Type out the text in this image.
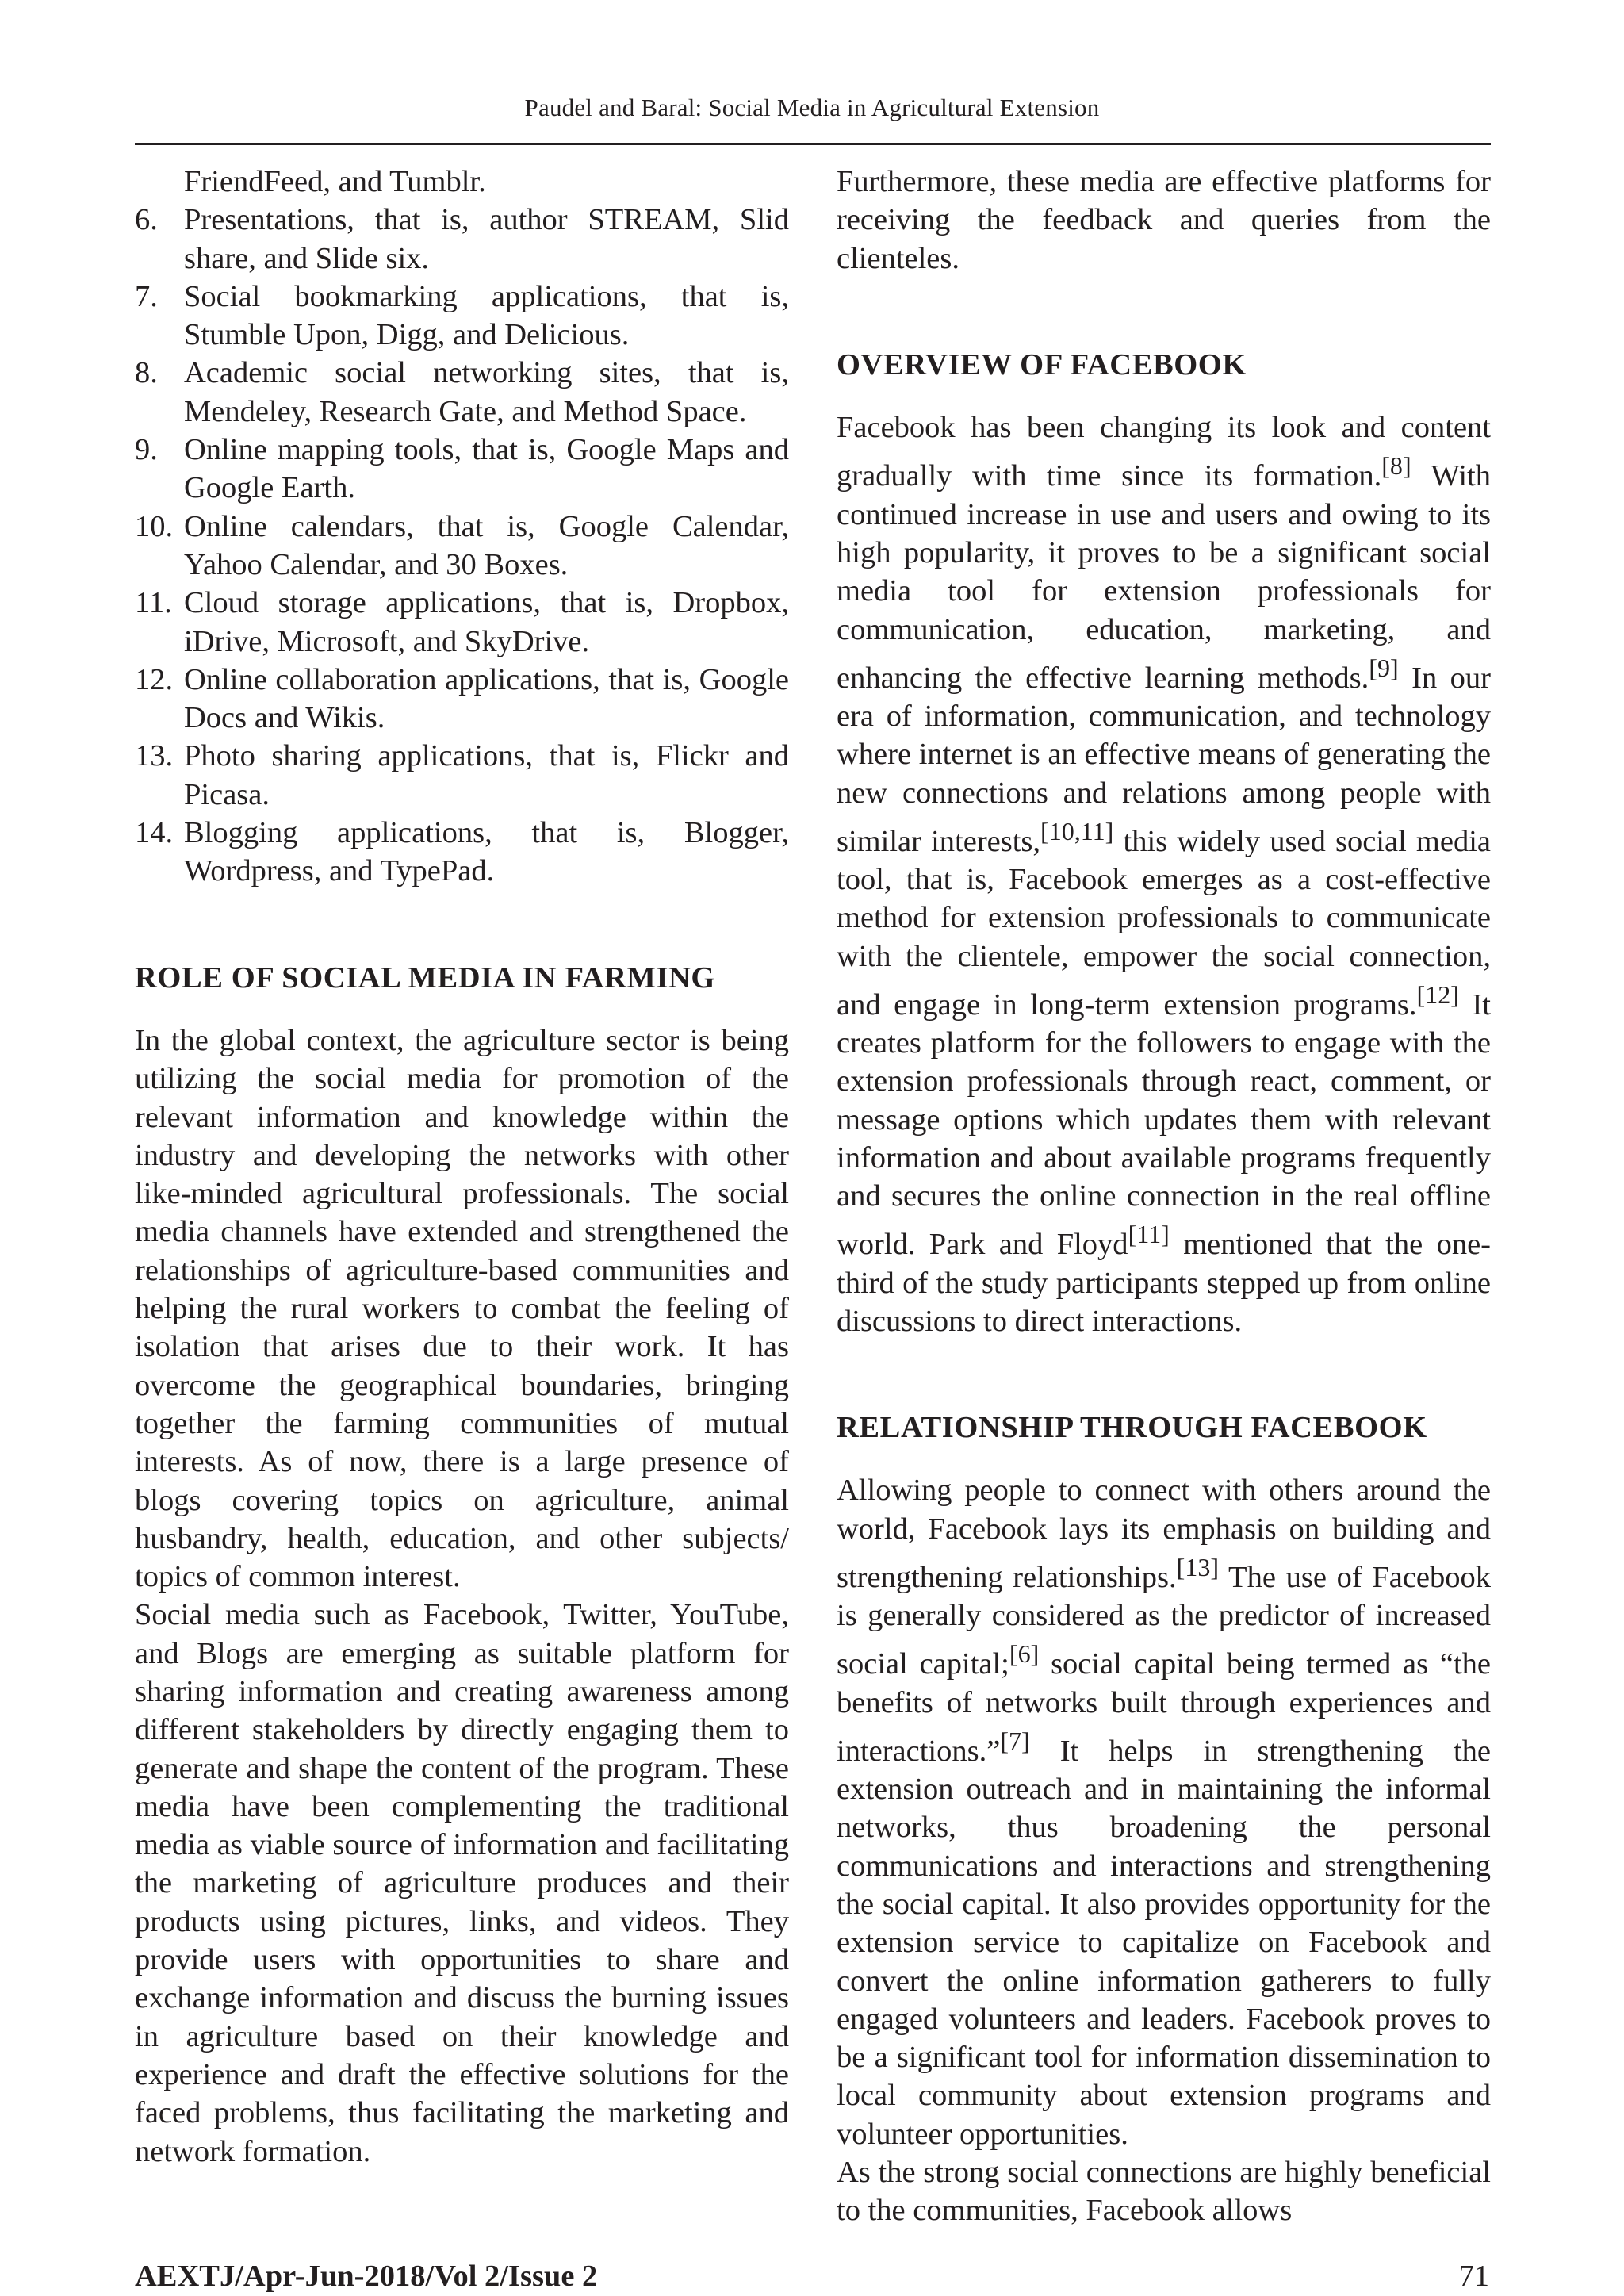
Paudel and Baral: Social Media in Agricultural Extension

FriendFeed, and Tumblr.

6. Presentations, that is, author STREAM, Slid share, and Slide six.
7. Social bookmarking applications, that is, Stumble Upon, Digg, and Delicious.
8. Academic social networking sites, that is, Mendeley, Research Gate, and Method Space.
9. Online mapping tools, that is, Google Maps and Google Earth.
10. Online calendars, that is, Google Calendar, Yahoo Calendar, and 30 Boxes.
11. Cloud storage applications, that is, Dropbox, iDrive, Microsoft, and SkyDrive.
12. Online collaboration applications, that is, Google Docs and Wikis.
13. Photo sharing applications, that is, Flickr and Picasa.
14. Blogging applications, that is, Blogger, Wordpress, and TypePad.
ROLE OF SOCIAL MEDIA IN FARMING

In the global context, the agriculture sector is being utilizing the social media for promotion of the relevant information and knowledge within the industry and developing the networks with other like-minded agricultural professionals. The social media channels have extended and strengthened the relationships of agriculture-based communities and helping the rural workers to combat the feeling of isolation that arises due to their work. It has overcome the geographical boundaries, bringing together the farming communities of mutual interests. As of now, there is a large presence of blogs covering topics on agriculture, animal husbandry, health, education, and other subjects/ topics of common interest.

Social media such as Facebook, Twitter, YouTube, and Blogs are emerging as suitable platform for sharing information and creating awareness among different stakeholders by directly engaging them to generate and shape the content of the program. These media have been complementing the traditional media as viable source of information and facilitating the marketing of agriculture produces and their products using pictures, links, and videos. They provide users with opportunities to share and exchange information and discuss the burning issues in agriculture based on their knowledge and experience and draft the effective solutions for the faced problems, thus facilitating the marketing and network formation.

Furthermore, these media are effective platforms for receiving the feedback and queries from the clienteles.

OVERVIEW OF FACEBOOK

Facebook has been changing its look and content gradually with time since its formation.[8] With continued increase in use and users and owing to its high popularity, it proves to be a significant social media tool for extension professionals for communication, education, marketing, and enhancing the effective learning methods.[9] In our era of information, communication, and technology where internet is an effective means of generating the new connections and relations among people with similar interests,[10,11] this widely used social media tool, that is, Facebook emerges as a cost-effective method for extension professionals to communicate with the clientele, empower the social connection, and engage in long-term extension programs.[12] It creates platform for the followers to engage with the extension professionals through react, comment, or message options which updates them with relevant information and about available programs frequently and secures the online connection in the real offline world. Park and Floyd[11] mentioned that the one-third of the study participants stepped up from online discussions to direct interactions.

RELATIONSHIP THROUGH FACEBOOK

Allowing people to connect with others around the world, Facebook lays its emphasis on building and strengthening relationships.[13] The use of Facebook is generally considered as the predictor of increased social capital;[6] social capital being termed as “the benefits of networks built through experiences and interactions.”[7] It helps in strengthening the extension outreach and in maintaining the informal networks, thus broadening the personal communications and interactions and strengthening the social capital. It also provides opportunity for the extension service to capitalize on Facebook and convert the online information gatherers to fully engaged volunteers and leaders. Facebook proves to be a significant tool for information dissemination to local community about extension programs and volunteer opportunities.

As the strong social connections are highly beneficial to the communities, Facebook allows

AEXTJ/Apr-Jun-2018/Vol 2/Issue 2	71
